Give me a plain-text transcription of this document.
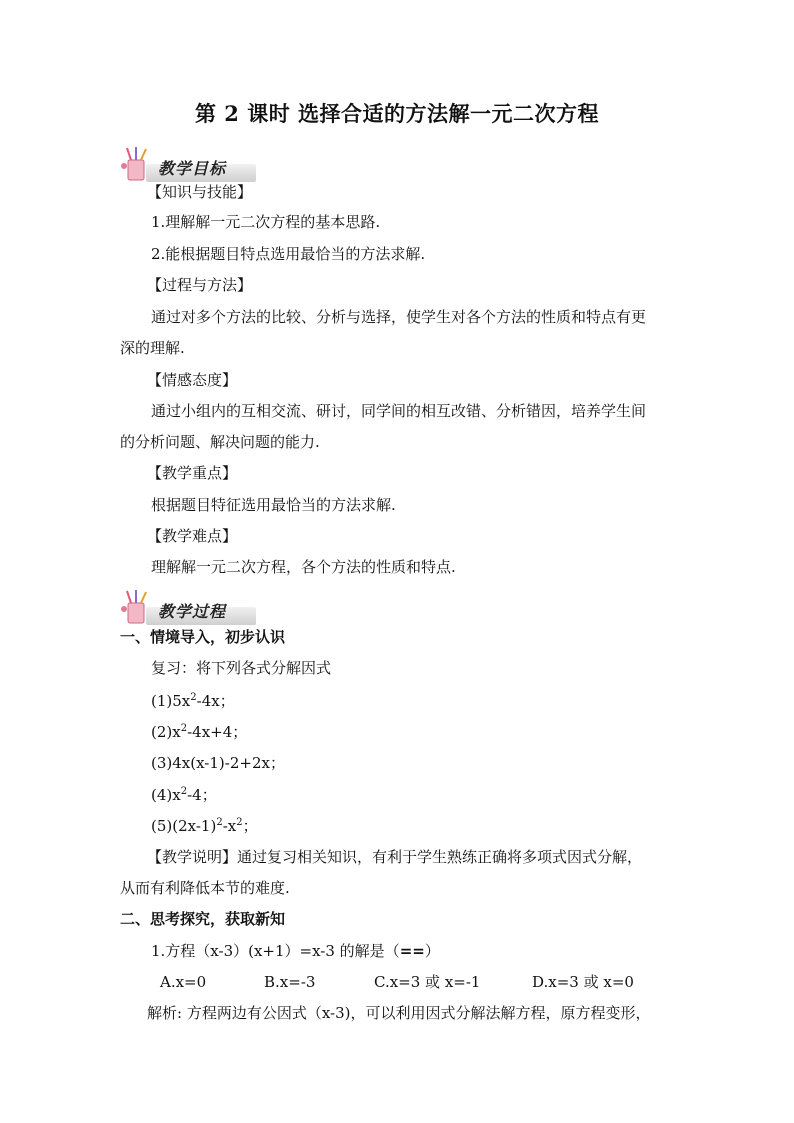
第 2 课时 选择合适的方法解一元二次方程
教学目标
【知识与技能】
1.理解解一元二次方程的基本思路.
2.能根据题目特点选用最恰当的方法求解.
【过程与方法】
通过对多个方法的比较、分析与选择，使学生对各个方法的性质和特点有更
深的理解.
【情感态度】
通过小组内的互相交流、研讨，同学间的相互改错、分析错因，培养学生间
的分析问题、解决问题的能力.
【教学重点】
根据题目特征选用最恰当的方法求解.
【教学难点】
理解解一元二次方程，各个方法的性质和特点.
教学过程
一、情境导入，初步认识
复习：将下列各式分解因式
$(1)5x^2-4x$；
$(2)x^2-4x+4$；
(3)4x(x-1)-2+2x；
$(4)x^2-4$；
$(5)(2x-1)^2-x^2$；
【教学说明】通过复习相关知识，有利于学生熟练正确将多项式因式分解，
从而有利降低本节的难度.
二、思考探究，获取新知
1.方程（x-3）(x+1）=x-3 的解是（==）
A.x=0	B.x=-3	C.x=3 或 x=-1	D.x=3 或 x=0
解析: 方程两边有公因式（x-3)，可以利用因式分解法解方程，原方程变形，
